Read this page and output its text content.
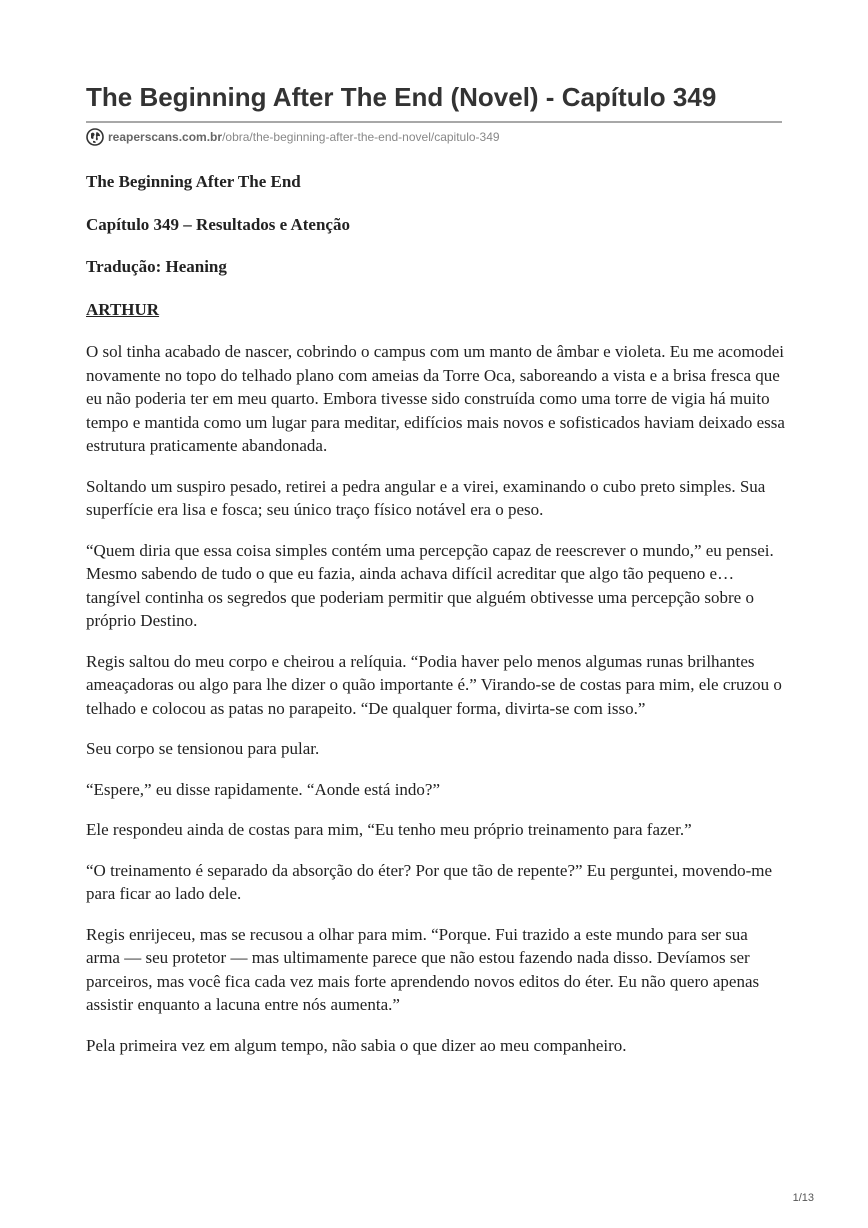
The Beginning After The End (Novel) - Capítulo 349
reaperscans.com.br /obra/the-beginning-after-the-end-novel/capitulo-349

The Beginning After The End

Capítulo 349 – Resultados e Atenção

Tradução: Heaning

ARTHUR

O sol tinha acabado de nascer, cobrindo o campus com um manto de âmbar e violeta. Eu me acomodei novamente no topo do telhado plano com ameias da Torre Oca, saboreando a vista e a brisa fresca que eu não poderia ter em meu quarto. Embora tivesse sido construída como uma torre de vigia há muito tempo e mantida como um lugar para meditar, edifícios mais novos e sofisticados haviam deixado essa estrutura praticamente abandonada.

Soltando um suspiro pesado, retirei a pedra angular e a virei, examinando o cubo preto simples. Sua superfície era lisa e fosca; seu único traço físico notável era o peso.

“Quem diria que essa coisa simples contém uma percepção capaz de reescrever o mundo,” eu pensei. Mesmo sabendo de tudo o que eu fazia, ainda achava difícil acreditar que algo tão pequeno e… tangível continha os segredos que poderiam permitir que alguém obtivesse uma percepção sobre o próprio Destino.

Regis saltou do meu corpo e cheirou a relíquia. “Podia haver pelo menos algumas runas brilhantes ameaçadoras ou algo para lhe dizer o quão importante é.” Virando-se de costas para mim, ele cruzou o telhado e colocou as patas no parapeito. “De qualquer forma, divirta-se com isso.”

Seu corpo se tensionou para pular.

“Espere,” eu disse rapidamente. “Aonde está indo?”

Ele respondeu ainda de costas para mim, “Eu tenho meu próprio treinamento para fazer.”

“O treinamento é separado da absorção do éter? Por que tão de repente?” Eu perguntei, movendo-me para ficar ao lado dele.

Regis enrijeceu, mas se recusou a olhar para mim. “Porque. Fui trazido a este mundo para ser sua arma — seu protetor — mas ultimamente parece que não estou fazendo nada disso. Devíamos ser parceiros, mas você fica cada vez mais forte aprendendo novos editos do éter. Eu não quero apenas assistir enquanto a lacuna entre nós aumenta.”

Pela primeira vez em algum tempo, não sabia o que dizer ao meu companheiro.

1/13
